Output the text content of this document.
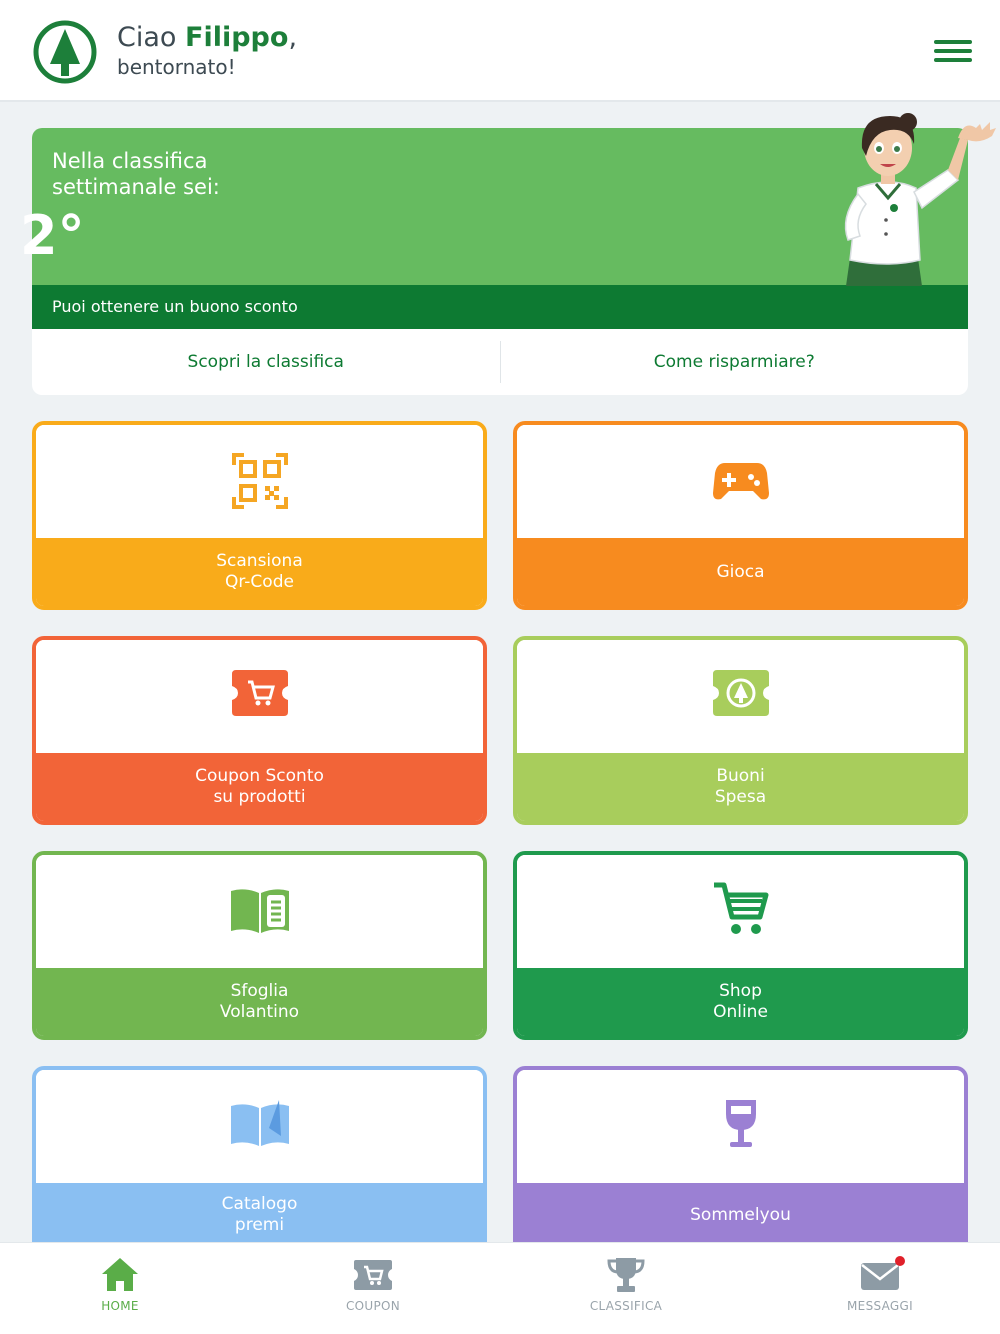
Ciao Filippo,
bentornato!
Nella classifica
settimanale sei:
Puoi ottenere un buono sconto
Scopri la classifica	Come risparmiare?
2°
Scansiona
Qr-Code
Gioca
Coupon Sconto
su prodotti
Buoni
Spesa
Sfoglia
Volantino
Shop
Online
Catalogo
premi	Sommelyou
HOME	COUPON	CLASSIFICA	MESSAGGI
